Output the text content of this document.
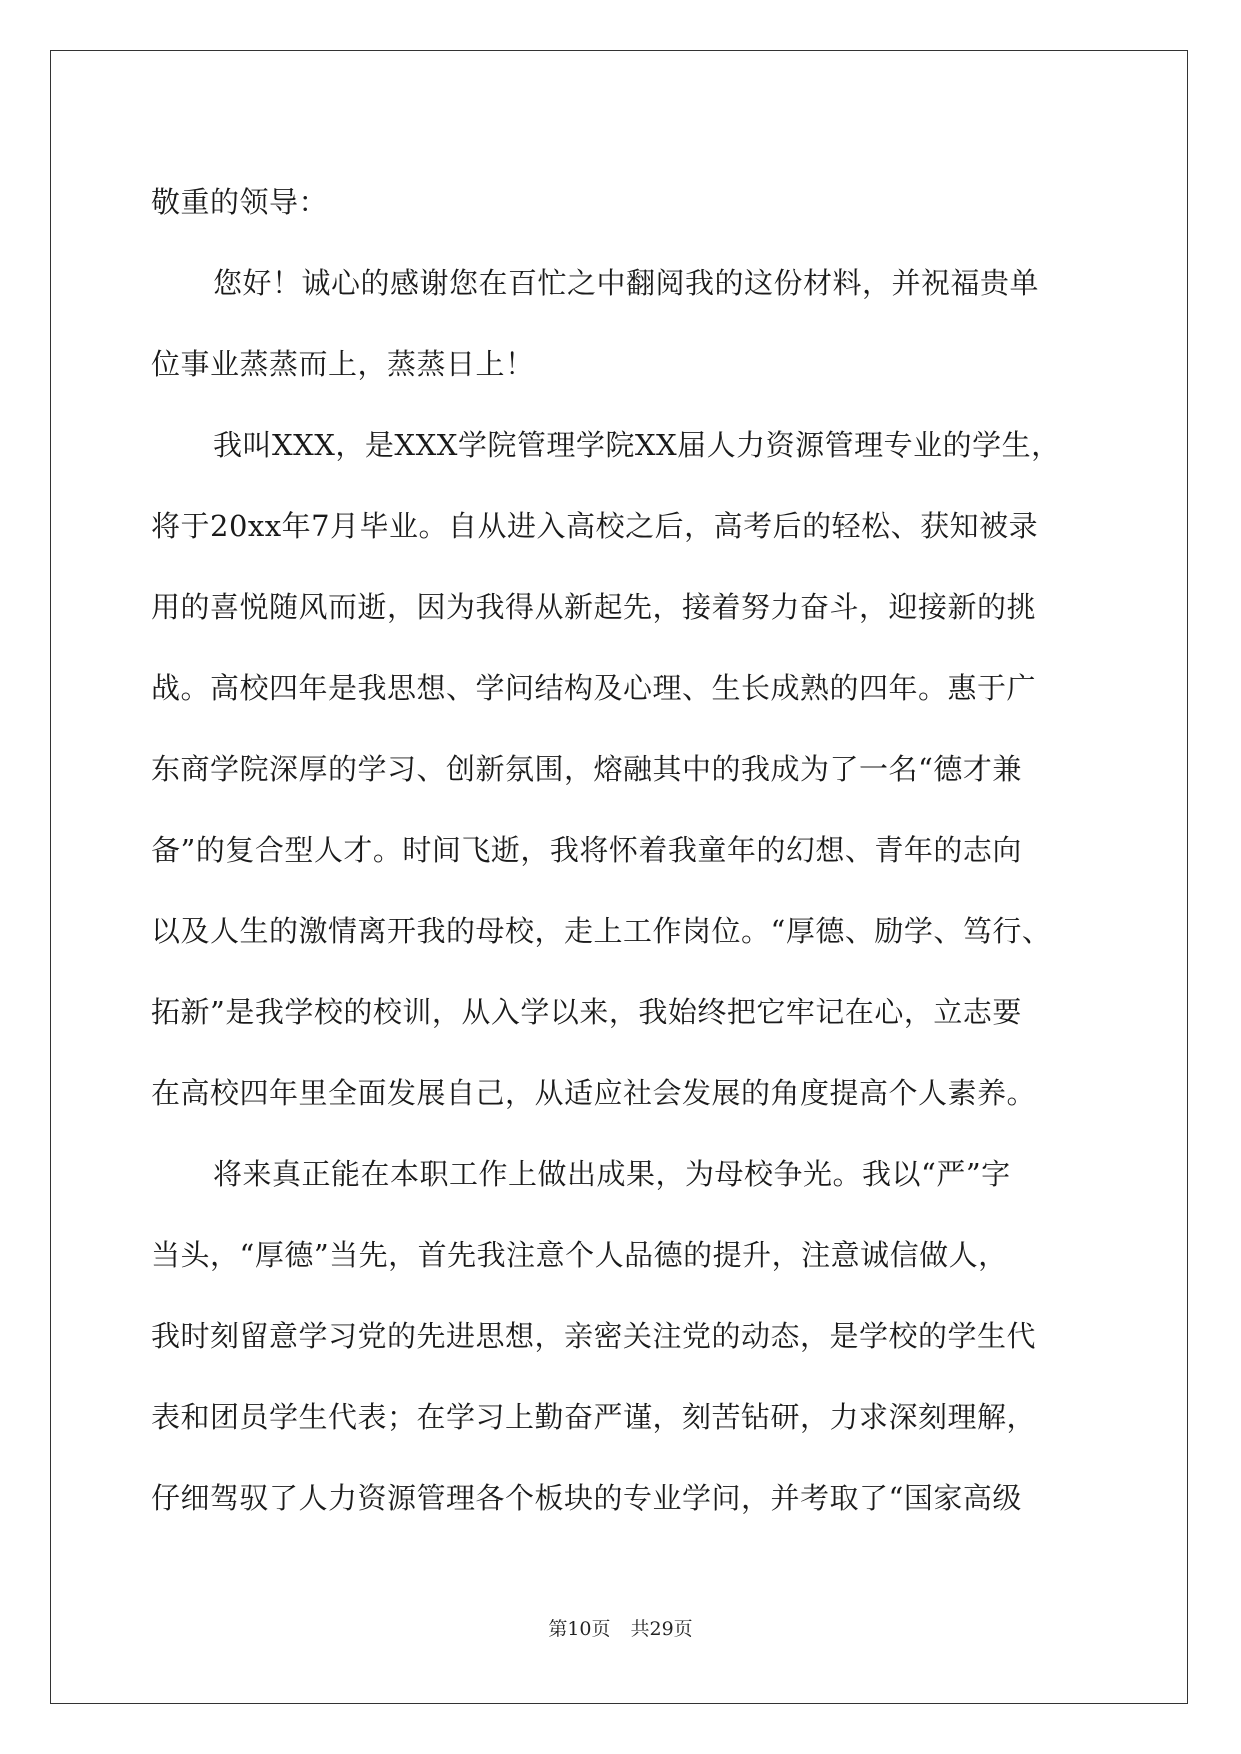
敬重的领导：
您好！诚心的感谢您在百忙之中翻阅我的这份材料，并祝福贵单
位事业蒸蒸而上，蒸蒸日上！
我叫XXX，是XXX学院管理学院XX届人力资源管理专业的学生，
将于20xx年7月毕业。自从进入高校之后，高考后的轻松、获知被录
用的喜悦随风而逝，因为我得从新起先，接着努力奋斗，迎接新的挑
战。高校四年是我思想、学问结构及心理、生长成熟的四年。惠于广
东商学院深厚的学习、创新氛围，熔融其中的我成为了一名“德才兼
备”的复合型人才。时间飞逝，我将怀着我童年的幻想、青年的志向
以及人生的激情离开我的母校，走上工作岗位。“厚德、励学、笃行、
拓新”是我学校的校训，从入学以来，我始终把它牢记在心，立志要
在高校四年里全面发展自己，从适应社会发展的角度提高个人素养。
将来真正能在本职工作上做出成果，为母校争光。我以“严”字
当头，“厚德”当先，首先我注意个人品德的提升，注意诚信做人，
我时刻留意学习党的先进思想，亲密关注党的动态，是学校的学生代
表和团员学生代表；在学习上勤奋严谨，刻苦钻研，力求深刻理解，
仔细驾驭了人力资源管理各个板块的专业学问，并考取了“国家高级
第10页 共29页
